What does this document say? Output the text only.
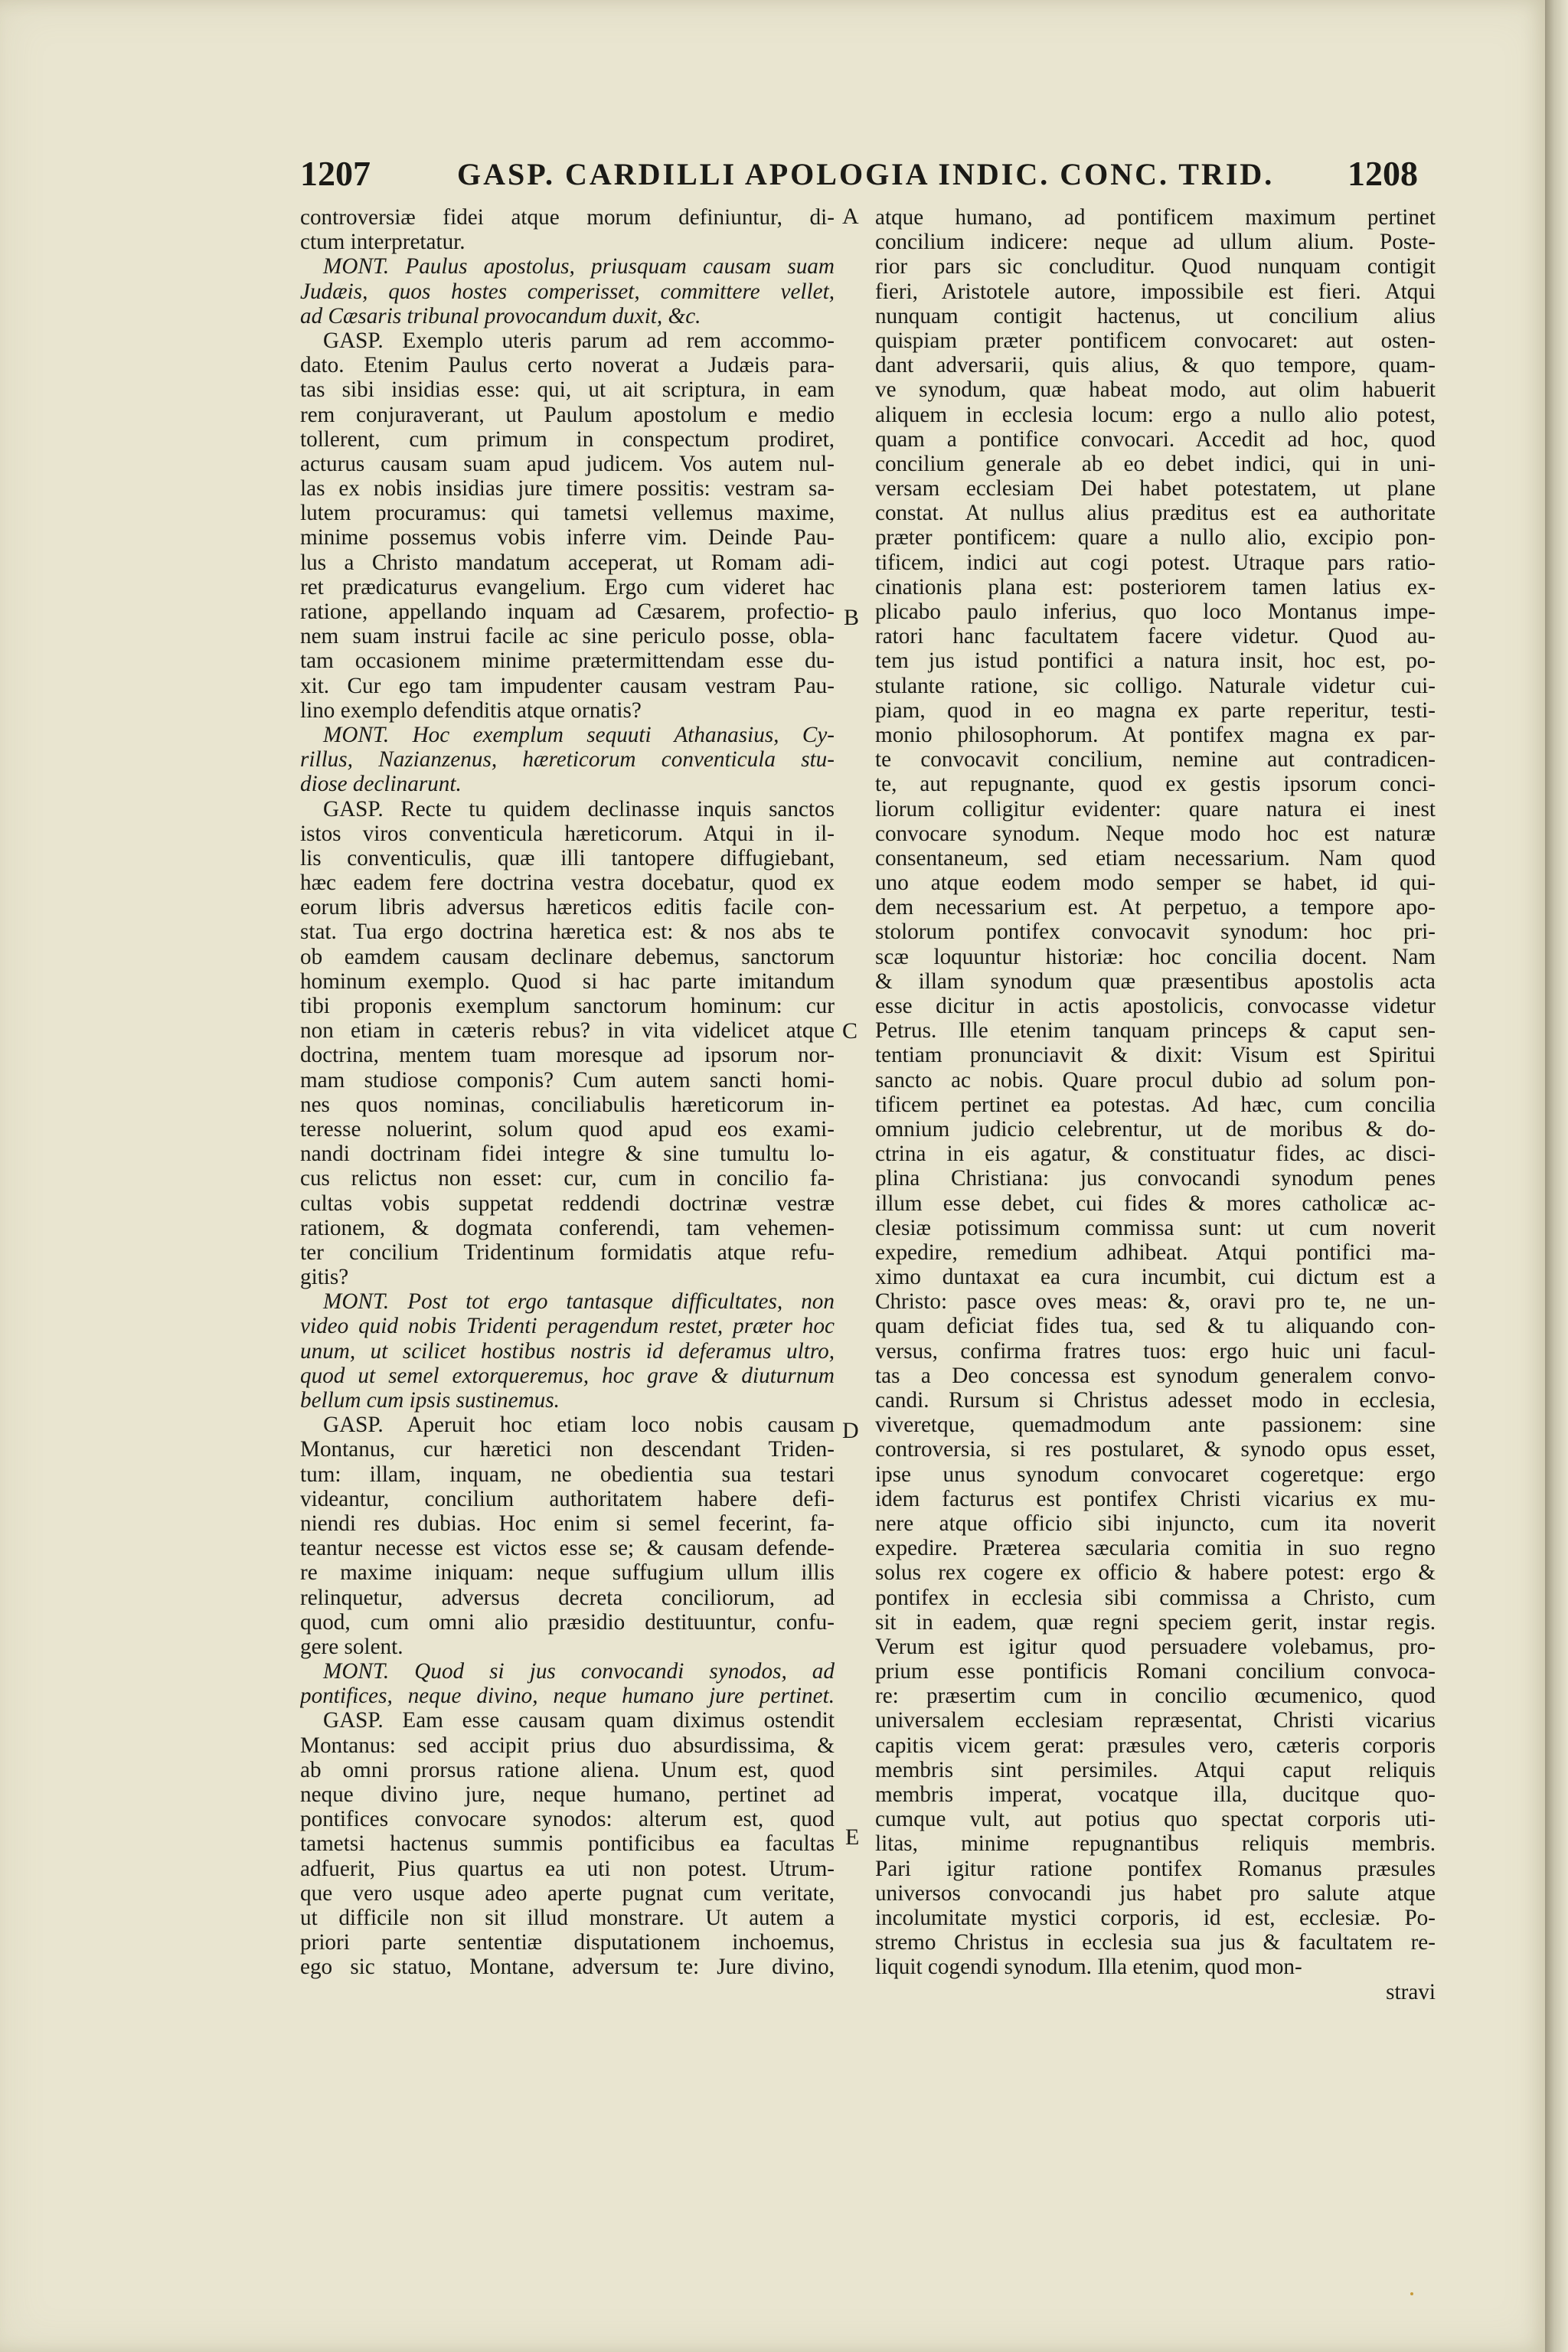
1207	GASP. CARDILLI APOLOGIA INDIC. CONC. TRID. 1208
controversiæ fidei atque morum definiuntur, di-
ctum interpretatur.
MONT. Paulus apostolus, priusquam causam suam
Judæis, quos hostes comperisset, committere vellet,
ad Cæsaris tribunal provocandum duxit, &c.
GASP. Exemplo uteris parum ad rem accommo-
dato. Etenim Paulus certo noverat a Judæis para-
tas sibi insidias esse: qui, ut ait scriptura, in eam
rem conjuraverant, ut Paulum apostolum e medio
tollerent, cum primum in conspectum prodiret,
acturus causam suam apud judicem. Vos autem nul-
las ex nobis insidias jure timere possitis: vestram sa-
lutem procuramus: qui tametsi vellemus maxime,
minime possemus vobis inferre vim. Deinde Pau-
lus a Christo mandatum acceperat, ut Romam adi-
ret prædicaturus evangelium. Ergo cum videret hac
ratione, appellando inquam ad Cæsarem, profectio-
nem suam instrui facile ac sine periculo posse, obla-
tam occasionem minime prætermittendam esse du-
xit. Cur ego tam impudenter causam vestram Pau-
lino exemplo defenditis atque ornatis?
MONT. Hoc exemplum sequuti Athanasius, Cy-
rillus, Nazianzenus, hæreticorum conventicula stu-
diose declinarunt.
GASP. Recte tu quidem declinasse inquis sanctos
istos viros conventicula hæreticorum. Atqui in il-
lis conventiculis, quæ illi tantopere diffugiebant,
hæc eadem fere doctrina vestra docebatur, quod ex
eorum libris adversus hæreticos editis facile con-
stat. Tua ergo doctrina hæretica est: & nos abs te
ob eamdem causam declinare debemus, sanctorum
hominum exemplo. Quod si hac parte imitandum
tibi proponis exemplum sanctorum hominum: cur
non etiam in cæteris rebus? in vita videlicet atque
doctrina, mentem tuam moresque ad ipsorum nor-
mam studiose componis? Cum autem sancti homi-
nes quos nominas, conciliabulis hæreticorum in-
teresse noluerint, solum quod apud eos exami-
nandi doctrinam fidei integre & sine tumultu lo-
cus relictus non esset: cur, cum in concilio fa-
cultas vobis suppetat reddendi doctrinæ vestræ
rationem, & dogmata conferendi, tam vehemen-
ter concilium Tridentinum formidatis atque refu-
gitis?
MONT. Post tot ergo tantasque difficultates, non
video quid nobis Tridenti peragendum restet, præter hoc
unum, ut scilicet hostibus nostris id deferamus ultro,
quod ut semel extorqueremus, hoc grave & diuturnum
bellum cum ipsis sustinemus.
GASP. Aperuit hoc etiam loco nobis causam
Montanus, cur hæretici non descendant Triden-
tum: illam, inquam, ne obedientia sua testari
videantur, concilium authoritatem habere defi-
niendi res dubias. Hoc enim si semel fecerint, fa-
teantur necesse est victos esse se; & causam defende-
re maxime iniquam: neque suffugium ullum illis
relinquetur, adversus decreta conciliorum, ad
quod, cum omni alio præsidio destituuntur, confu-
gere solent.
MONT. Quod si jus convocandi synodos, ad
pontifices, neque divino, neque humano jure pertinet.
GASP. Eam esse causam quam diximus ostendit
Montanus: sed accipit prius duo absurdissima, &
ab omni prorsus ratione aliena. Unum est, quod
neque divino jure, neque humano, pertinet ad
pontifices convocare synodos: alterum est, quod
tametsi hactenus summis pontificibus ea facultas
adfuerit, Pius quartus ea uti non potest. Utrum-
que vero usque adeo aperte pugnat cum veritate,
ut difficile non sit illud monstrare. Ut autem a
priori parte sententiæ disputationem inchoemus,
ego sic statuo, Montane, adversum te: Jure divino,
atque humano, ad pontificem maximum pertinet
concilium indicere: neque ad ullum alium. Poste-
rior pars sic concluditur. Quod nunquam contigit
fieri, Aristotele autore, impossibile est fieri. Atqui
nunquam contigit hactenus, ut concilium alius
quispiam præter pontificem convocaret: aut osten-
dant adversarii, quis alius, & quo tempore, quam-
ve synodum, quæ habeat modo, aut olim habuerit
aliquem in ecclesia locum: ergo a nullo alio potest,
quam a pontifice convocari. Accedit ad hoc, quod
concilium generale ab eo debet indici, qui in uni-
versam ecclesiam Dei habet potestatem, ut plane
constat. At nullus alius præditus est ea authoritate
præter pontificem: quare a nullo alio, excipio pon-
tificem, indici aut cogi potest. Utraque pars ratio-
cinationis plana est: posteriorem tamen latius ex-
plicabo paulo inferius, quo loco Montanus impe-
ratori hanc facultatem facere videtur. Quod au-
tem jus istud pontifici a natura insit, hoc est, po-
stulante ratione, sic colligo. Naturale videtur cui-
piam, quod in eo magna ex parte reperitur, testi-
monio philosophorum. At pontifex magna ex par-
te convocavit concilium, nemine aut contradicen-
te, aut repugnante, quod ex gestis ipsorum conci-
liorum colligitur evidenter: quare natura ei inest
convocare synodum. Neque modo hoc est naturæ
consentaneum, sed etiam necessarium. Nam quod
uno atque eodem modo semper se habet, id qui-
dem necessarium est. At perpetuo, a tempore apo-
stolorum pontifex convocavit synodum: hoc pri-
scæ loquuntur historiæ: hoc concilia docent. Nam
& illam synodum quæ præsentibus apostolis acta
esse dicitur in actis apostolicis, convocasse videtur
Petrus. Ille etenim tanquam princeps & caput sen-
tentiam pronunciavit & dixit: Visum est Spiritui
sancto ac nobis. Quare procul dubio ad solum pon-
tificem pertinet ea potestas. Ad hæc, cum concilia
omnium judicio celebrentur, ut de moribus & do-
ctrina in eis agatur, & constituatur fides, ac disci-
plina Christiana: jus convocandi synodum penes
illum esse debet, cui fides & mores catholicæ ac-
clesiæ potissimum commissa sunt: ut cum noverit
expedire, remedium adhibeat. Atqui pontifici ma-
ximo duntaxat ea cura incumbit, cui dictum est a
Christo: pasce oves meas: &, oravi pro te, ne un-
quam deficiat fides tua, sed & tu aliquando con-
versus, confirma fratres tuos: ergo huic uni facul-
tas a Deo concessa est synodum generalem convo-
candi. Rursum si Christus adesset modo in ecclesia,
viveretque, quemadmodum ante passionem: sine
controversia, si res postularet, & synodo opus esset,
ipse unus synodum convocaret cogeretque: ergo
idem facturus est pontifex Christi vicarius ex mu-
nere atque officio sibi injuncto, cum ita noverit
expedire. Præterea sæcularia comitia in suo regno
solus rex cogere ex officio & habere potest: ergo &
pontifex in ecclesia sibi commissa a Christo, cum
sit in eadem, quæ regni speciem gerit, instar regis.
Verum est igitur quod persuadere volebamus, pro-
prium esse pontificis Romani concilium convoca-
re: præsertim cum in concilio œcumenico, quod
universalem ecclesiam repræsentat, Christi vicarius
capitis vicem gerat: præsules vero, cæteris corporis
membris sint persimiles. Atqui caput reliquis
membris imperat, vocatque illa, ducitque quo-
cumque vult, aut potius quo spectat corporis uti-
litas, minime repugnantibus reliquis membris.
Pari igitur ratione pontifex Romanus præsules
universos convocandi jus habet pro salute atque
incolumitate mystici corporis, id est, ecclesiæ. Po-
stremo Christus in ecclesia sua jus & facultatem re-
liquit cogendi synodum. Illa etenim, quod mon-
stravi
A
B
C
D
E
